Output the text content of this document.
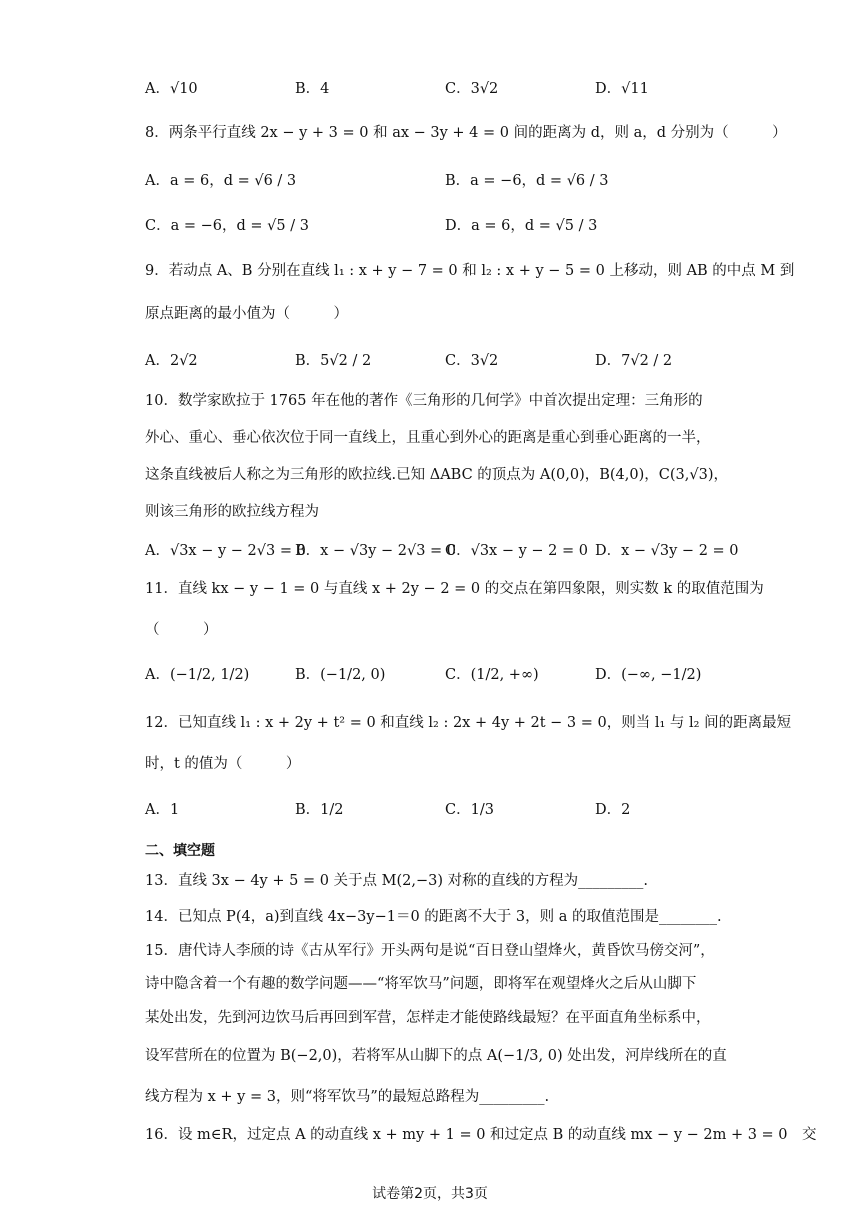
A．√10	B．4	C．3√2	D．√11
8．两条平行直线 2x − y + 3 = 0 和 ax − 3y + 4 = 0 间的距离为 d，则 a，d 分别为（　　　）
A．a = 6，d = √6 / 3	B．a = −6，d = √6 / 3
C．a = −6，d = √5 / 3	D．a = 6，d = √5 / 3
9．若动点 A、B 分别在直线 l₁ : x + y − 7 = 0 和 l₂ : x + y − 5 = 0 上移动，则 AB 的中点 M 到
原点距离的最小值为（　　　）
A．2√2	B．5√2 / 2	C．3√2	D．7√2 / 2
10．数学家欧拉于 1765 年在他的著作《三角形的几何学》中首次提出定理：三角形的
外心、重心、垂心依次位于同一直线上，且重心到外心的距离是重心到垂心距离的一半，
这条直线被后人称之为三角形的欧拉线.已知 ΔABC 的顶点为 A(0,0)，B(4,0)，C(3,√3)，
则该三角形的欧拉线方程为
A．√3x − y − 2√3 = 0
B．x − √3y − 2√3 = 0
C．√3x − y − 2 = 0 D．x − √3y − 2 = 0
11．直线 kx − y − 1 = 0 与直线 x + 2y − 2 = 0 的交点在第四象限，则实数 k 的取值范围为
（　　　）
A．(−1/2, 1/2)	B．(−1/2, 0)	C．(1/2, +∞)	D．(−∞, −1/2)
12．已知直线 l₁ : x + 2y + t² = 0 和直线 l₂ : 2x + 4y + 2t − 3 = 0，则当 l₁ 与 l₂ 间的距离最短
时，t 的值为（　　　）
A．1	B．1/2	C．1/3	D．2
二、填空题
13．直线 3x − 4y + 5 = 0 关于点 M(2,−3) 对称的直线的方程为_________.
14．已知点 P(4，a)到直线 4x−3y−1＝0 的距离不大于 3，则 a 的取值范围是________.
15．唐代诗人李颀的诗《古从军行》开头两句是说“百日登山望烽火，黄昏饮马傍交河”，
诗中隐含着一个有趣的数学问题——“将军饮马”问题，即将军在观望烽火之后从山脚下
某处出发，先到河边饮马后再回到军营，怎样走才能使路线最短？在平面直角坐标系中，
设军营所在的位置为 B(−2,0)，若将军从山脚下的点 A(−1/3, 0) 处出发，河岸线所在的直
线方程为 x + y = 3，则“将军饮马”的最短总路程为_________.
16．设 m∈R，过定点 A 的动直线 x + my + 1 = 0 和过定点 B 的动直线 mx − y − 2m + 3 = 0　交
试卷第2页，共3页
